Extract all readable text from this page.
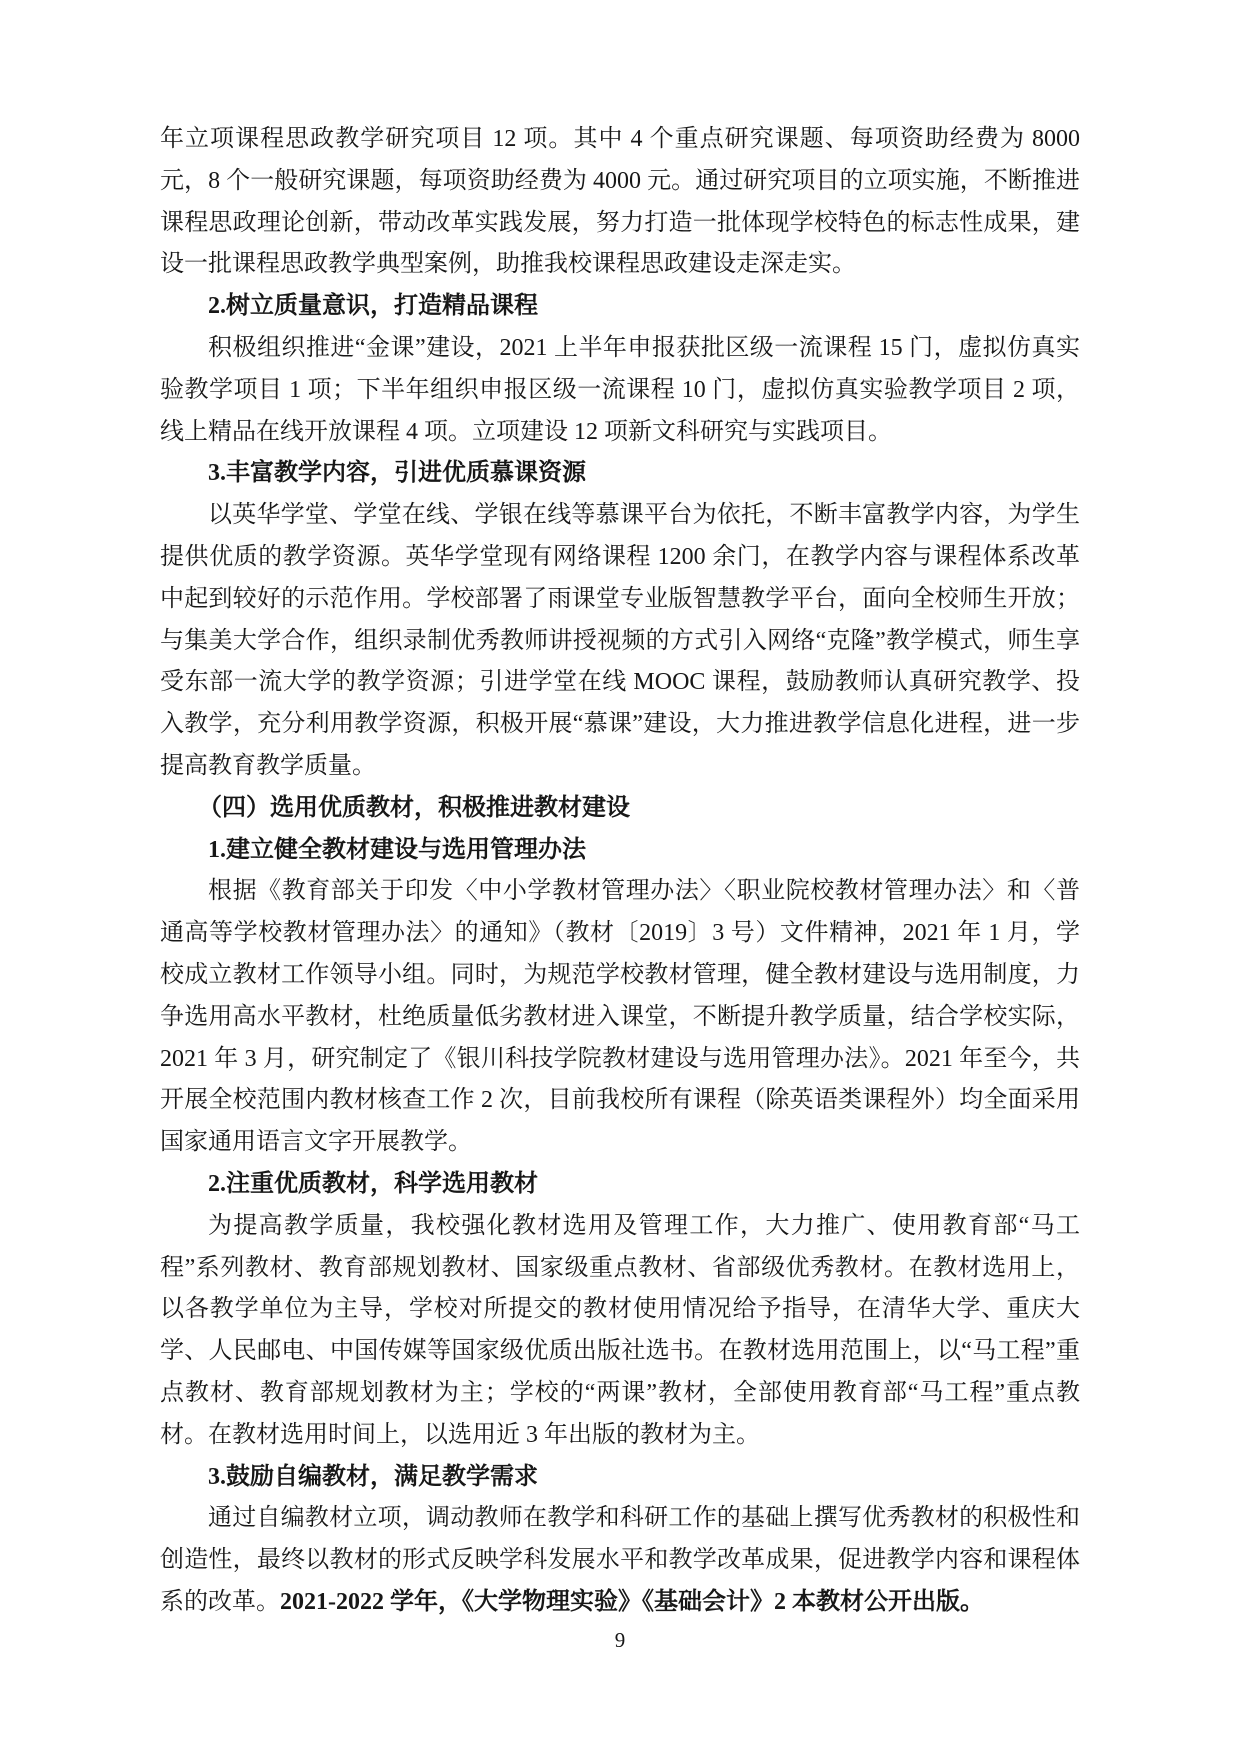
年立项课程思政教学研究项目 12 项。其中 4 个重点研究课题、每项资助经费为 8000 元，8 个一般研究课题，每项资助经费为 4000 元。通过研究项目的立项实施，不断推进课程思政理论创新，带动改革实践发展，努力打造一批体现学校特色的标志性成果，建设一批课程思政教学典型案例，助推我校课程思政建设走深走实。

2.树立质量意识，打造精品课程

积极组织推进“金课”建设，2021 上半年申报获批区级一流课程 15 门，虚拟仿真实验教学项目 1 项；下半年组织申报区级一流课程 10 门，虚拟仿真实验教学项目 2 项，线上精品在线开放课程 4 项。立项建设 12 项新文科研究与实践项目。

3.丰富教学内容，引进优质慕课资源

以英华学堂、学堂在线、学银在线等慕课平台为依托，不断丰富教学内容，为学生提供优质的教学资源。英华学堂现有网络课程 1200 余门，在教学内容与课程体系改革中起到较好的示范作用。学校部署了雨课堂专业版智慧教学平台，面向全校师生开放；与集美大学合作，组织录制优秀教师讲授视频的方式引入网络“克隆”教学模式，师生享受东部一流大学的教学资源；引进学堂在线 MOOC 课程，鼓励教师认真研究教学、投入教学，充分利用教学资源，积极开展“慕课”建设，大力推进教学信息化进程，进一步提高教育教学质量。

（四）选用优质教材，积极推进教材建设

1.建立健全教材建设与选用管理办法

根据《教育部关于印发〈中小学教材管理办法〉〈职业院校教材管理办法〉和〈普通高等学校教材管理办法〉的通知》（教材〔2019〕3 号）文件精神，2021 年 1 月，学校成立教材工作领导小组。同时，为规范学校教材管理，健全教材建设与选用制度，力争选用高水平教材，杜绝质量低劣教材进入课堂，不断提升教学质量，结合学校实际，2021 年 3 月，研究制定了《银川科技学院教材建设与选用管理办法》。2021 年至今，共开展全校范围内教材核查工作 2 次，目前我校所有课程（除英语类课程外）均全面采用国家通用语言文字开展教学。

2.注重优质教材，科学选用教材

为提高教学质量，我校强化教材选用及管理工作，大力推广、使用教育部“马工程”系列教材、教育部规划教材、国家级重点教材、省部级优秀教材。在教材选用上，以各教学单位为主导，学校对所提交的教材使用情况给予指导，在清华大学、重庆大学、人民邮电、中国传媒等国家级优质出版社选书。在教材选用范围上，以“马工程”重点教材、教育部规划教材为主；学校的“两课”教材，全部使用教育部“马工程”重点教材。在教材选用时间上，以选用近 3 年出版的教材为主。

3.鼓励自编教材，满足教学需求

通过自编教材立项，调动教师在教学和科研工作的基础上撰写优秀教材的积极性和创造性，最终以教材的形式反映学科发展水平和教学改革成果，促进教学内容和课程体系的改革。2021-2022 学年，《大学物理实验》《基础会计》2 本教材公开出版。

9
